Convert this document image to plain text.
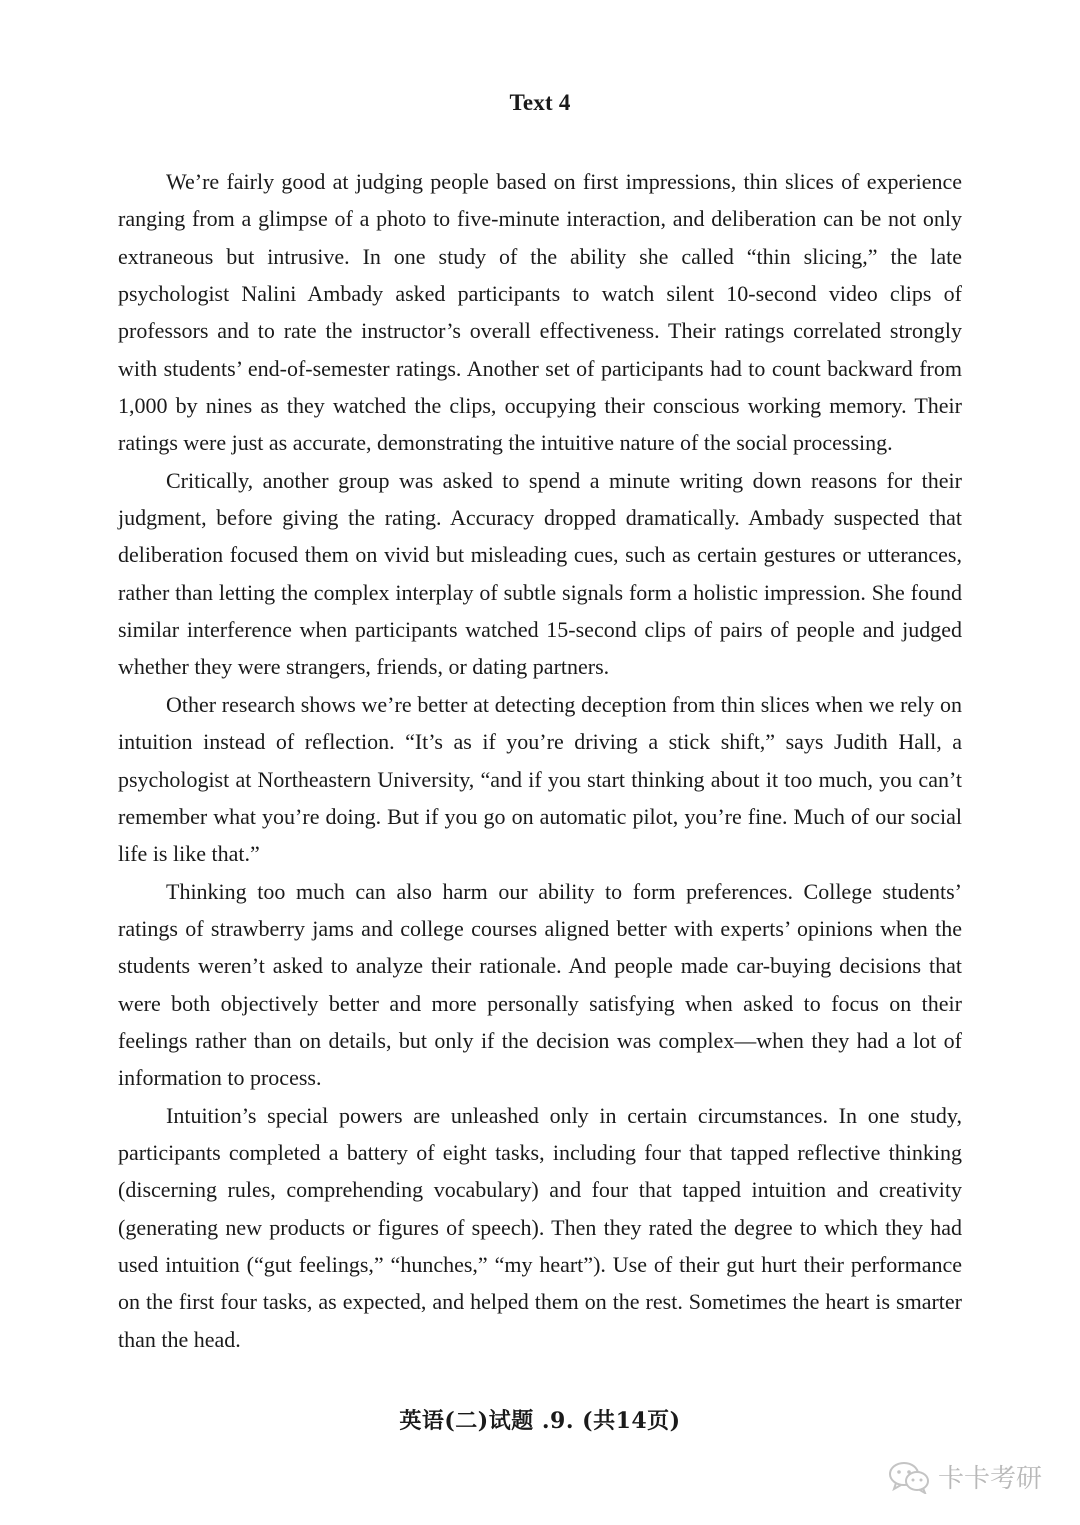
Text 4

We’re fairly good at judging people based on first impressions, thin slices of experience ranging from a glimpse of a photo to five-minute interaction, and deliberation can be not only extraneous but intrusive. In one study of the ability she called “thin slicing,” the late psychologist Nalini Ambady asked participants to watch silent 10-second video clips of professors and to rate the instructor’s overall effectiveness. Their ratings correlated strongly with students’ end-of-semester ratings. Another set of participants had to count backward from 1,000 by nines as they watched the clips, occupying their conscious working memory. Their ratings were just as accurate, demonstrating the intuitive nature of the social processing.

Critically, another group was asked to spend a minute writing down reasons for their judgment, before giving the rating. Accuracy dropped dramatically. Ambady suspected that deliberation focused them on vivid but misleading cues, such as certain gestures or utterances, rather than letting the complex interplay of subtle signals form a holistic impression. She found similar interference when participants watched 15-second clips of pairs of people and judged whether they were strangers, friends, or dating partners.

Other research shows we’re better at detecting deception from thin slices when we rely on intuition instead of reflection. “It’s as if you’re driving a stick shift,” says Judith Hall, a psychologist at Northeastern University, “and if you start thinking about it too much, you can’t remember what you’re doing. But if you go on automatic pilot, you’re fine. Much of our social life is like that.”

Thinking too much can also harm our ability to form preferences. College students’ ratings of strawberry jams and college courses aligned better with experts’ opinions when the students weren’t asked to analyze their rationale. And people made car-buying decisions that were both objectively better and more personally satisfying when asked to focus on their feelings rather than on details, but only if the decision was complex—when they had a lot of information to process.

Intuition’s special powers are unleashed only in certain circumstances. In one study, participants completed a battery of eight tasks, including four that tapped reflective thinking (discerning rules, comprehending vocabulary) and four that tapped intuition and creativity (generating new products or figures of speech). Then they rated the degree to which they had used intuition (“gut feelings,” “hunches,” “my heart”). Use of their gut hurt their performance on the first four tasks, as expected, and helped them on the rest. Sometimes the heart is smarter than the head.

英语(二)试题 .9. (共14页)
卡卡考研
